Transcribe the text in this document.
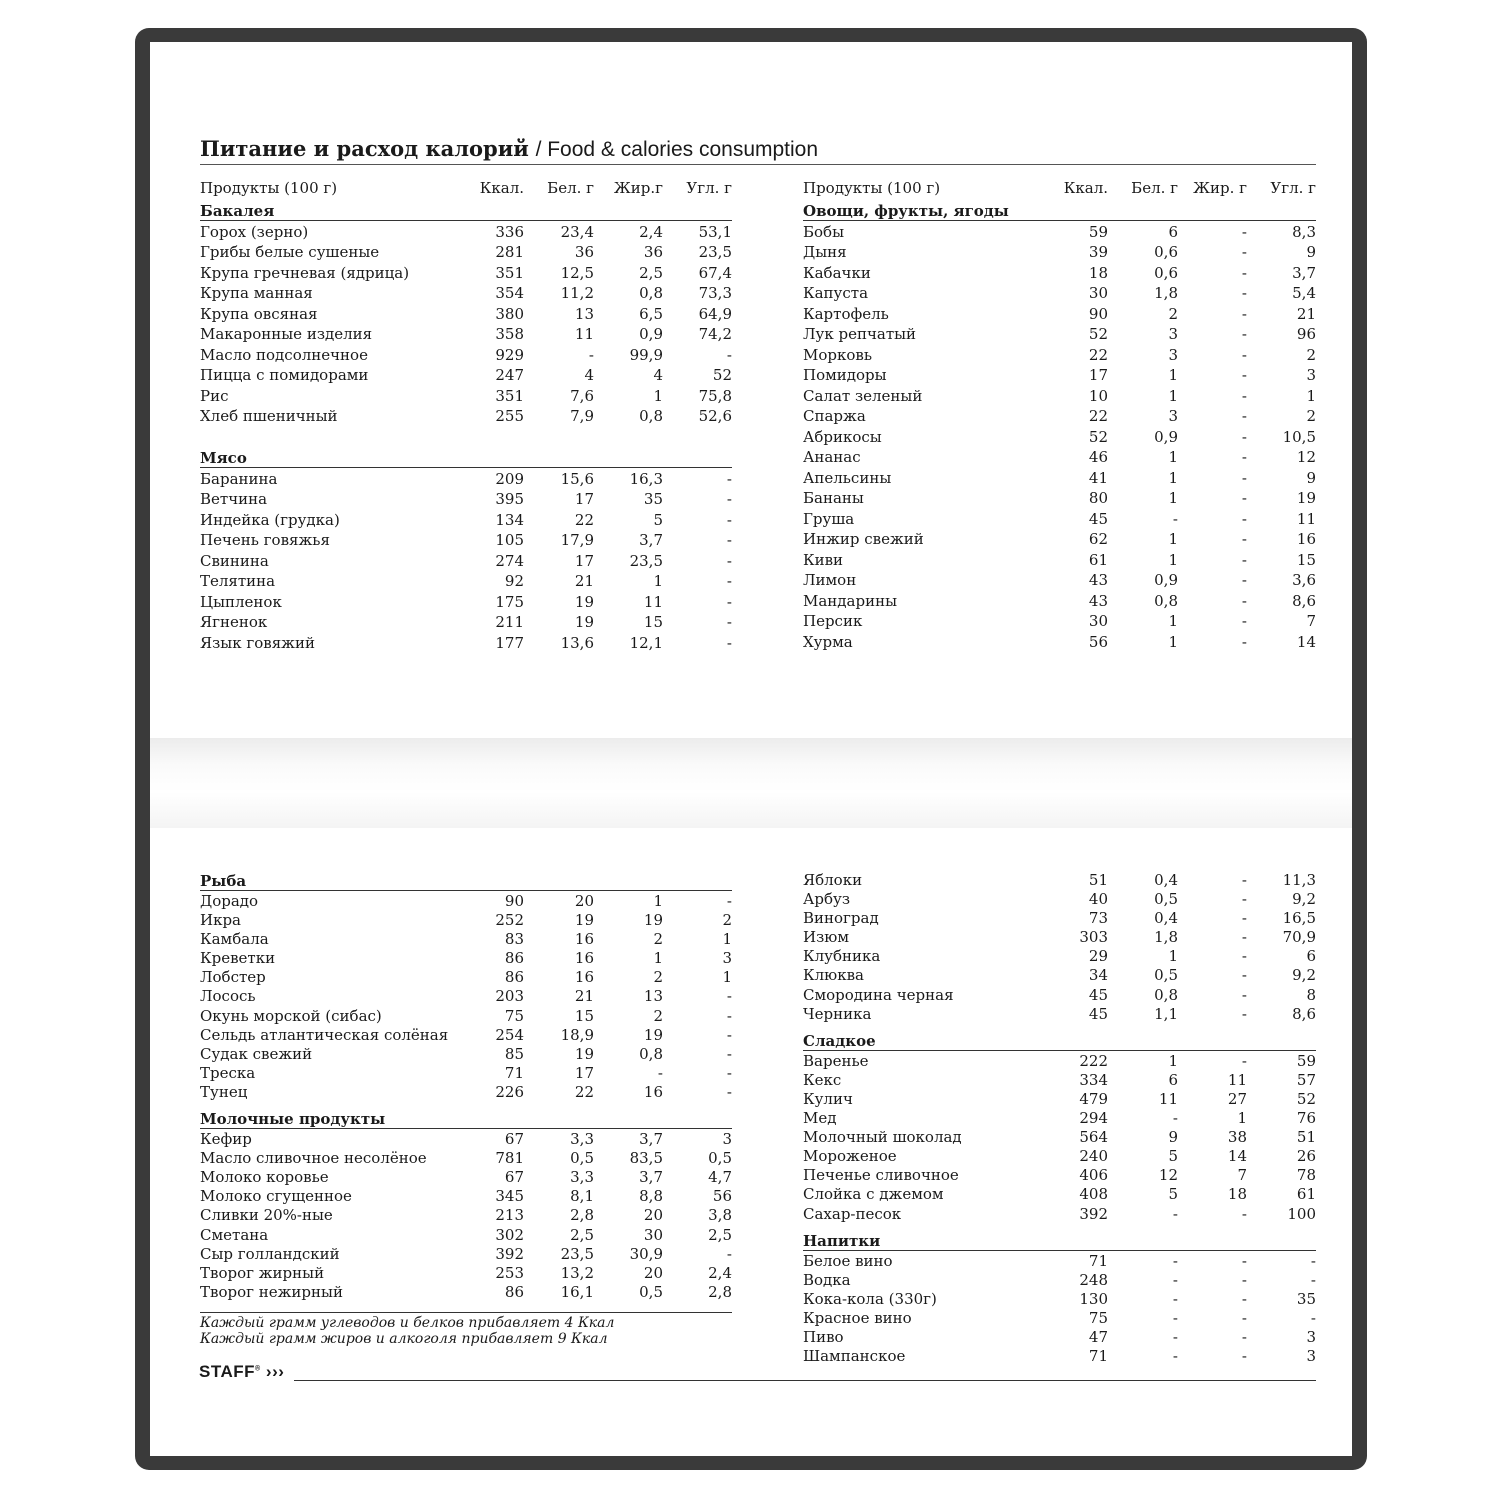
Питание и расход калорий / Food & calories consumption
Продукты (100 г)	Ккал.	Бел. г	Жир.г	Угл. г
Бакалея
Горох (зерно)	336	23,4	2,4	53,1
Грибы белые сушеные	281	36	36	23,5
Крупа гречневая (ядрица)	351	12,5	2,5	67,4
Крупа манная	354	11,2	0,8	73,3
Крупа овсяная	380	13	6,5	64,9
Макаронные изделия	358	11	0,9	74,2
Масло подсолнечное	929	-	99,9	-
Пицца с помидорами	247	4	4	52
Рис	351	7,6	1	75,8
Хлеб пшеничный	255	7,9	0,8	52,6
Мясо
Баранина	209	15,6	16,3	-
Ветчина	395	17	35	-
Индейка (грудка)	134	22	5	-
Печень говяжья	105	17,9	3,7	-
Свинина	274	17	23,5	-
Телятина	92	21	1	-
Цыпленок	175	19	11	-
Ягненок	211	19	15	-
Язык говяжий	177	13,6	12,1	-
Продукты (100 г)	Ккал.	Бел. г	Жир. г	Угл. г
Овощи, фрукты, ягоды
Бобы	59	6	-	8,3
Дыня	39	0,6	-	9
Кабачки	18	0,6	-	3,7
Капуста	30	1,8	-	5,4
Картофель	90	2	-	21
Лук репчатый	52	3	-	96
Морковь	22	3	-	2
Помидоры	17	1	-	3
Салат зеленый	10	1	-	1
Спаржа	22	3	-	2
Абрикосы	52	0,9	-	10,5
Ананас	46	1	-	12
Апельсины	41	1	-	9
Бананы	80	1	-	19
Груша	45	-	-	11
Инжир свежий	62	1	-	16
Киви	61	1	-	15
Лимон	43	0,9	-	3,6
Мандарины	43	0,8	-	8,6
Персик	30	1	-	7
Хурма	56	1	-	14
Рыба
Дорадо	90	20	1	-
Икра	252	19	19	2
Камбала	83	16	2	1
Креветки	86	16	1	3
Лобстер	86	16	2	1
Лосось	203	21	13	-
Окунь морской (сибас)	75	15	2	-
Сельдь атлантическая солёная	254	18,9	19	-
Судак свежий	85	19	0,8	-
Треска	71	17	-	-
Тунец	226	22	16	-
Молочные продукты
Кефир	67	3,3	3,7	3
Масло сливочное несолёное	781	0,5	83,5	0,5
Молоко коровье	67	3,3	3,7	4,7
Молоко сгущенное	345	8,1	8,8	56
Сливки 20%-ные	213	2,8	20	3,8
Сметана	302	2,5	30	2,5
Сыр голландский	392	23,5	30,9	-
Творог жирный	253	13,2	20	2,4
Творог нежирный	86	16,1	0,5	2,8
Яблоки	51	0,4	-	11,3
Арбуз	40	0,5	-	9,2
Виноград	73	0,4	-	16,5
Изюм	303	1,8	-	70,9
Клубника	29	1	-	6
Клюква	34	0,5	-	9,2
Смородина черная	45	0,8	-	8
Черника	45	1,1	-	8,6
Сладкое
Варенье	222	1	-	59
Кекс	334	6	11	57
Кулич	479	11	27	52
Мед	294	-	1	76
Молочный шоколад	564	9	38	51
Мороженое	240	5	14	26
Печенье сливочное	406	12	7	78
Слойка с джемом	408	5	18	61
Сахар-песок	392	-	-	100
Напитки
Белое вино	71	-	-	-
Водка	248	-	-	-
Кока-кола (330г)	130	-	-	35
Красное вино	75	-	-	-
Пиво	47	-	-	3
Шампанское	71	-	-	3
Каждый грамм углеводов и белков прибавляет 4 Ккал
Каждый грамм жиров и алкоголя прибавляет 9 Ккал
STAFF® ›››
